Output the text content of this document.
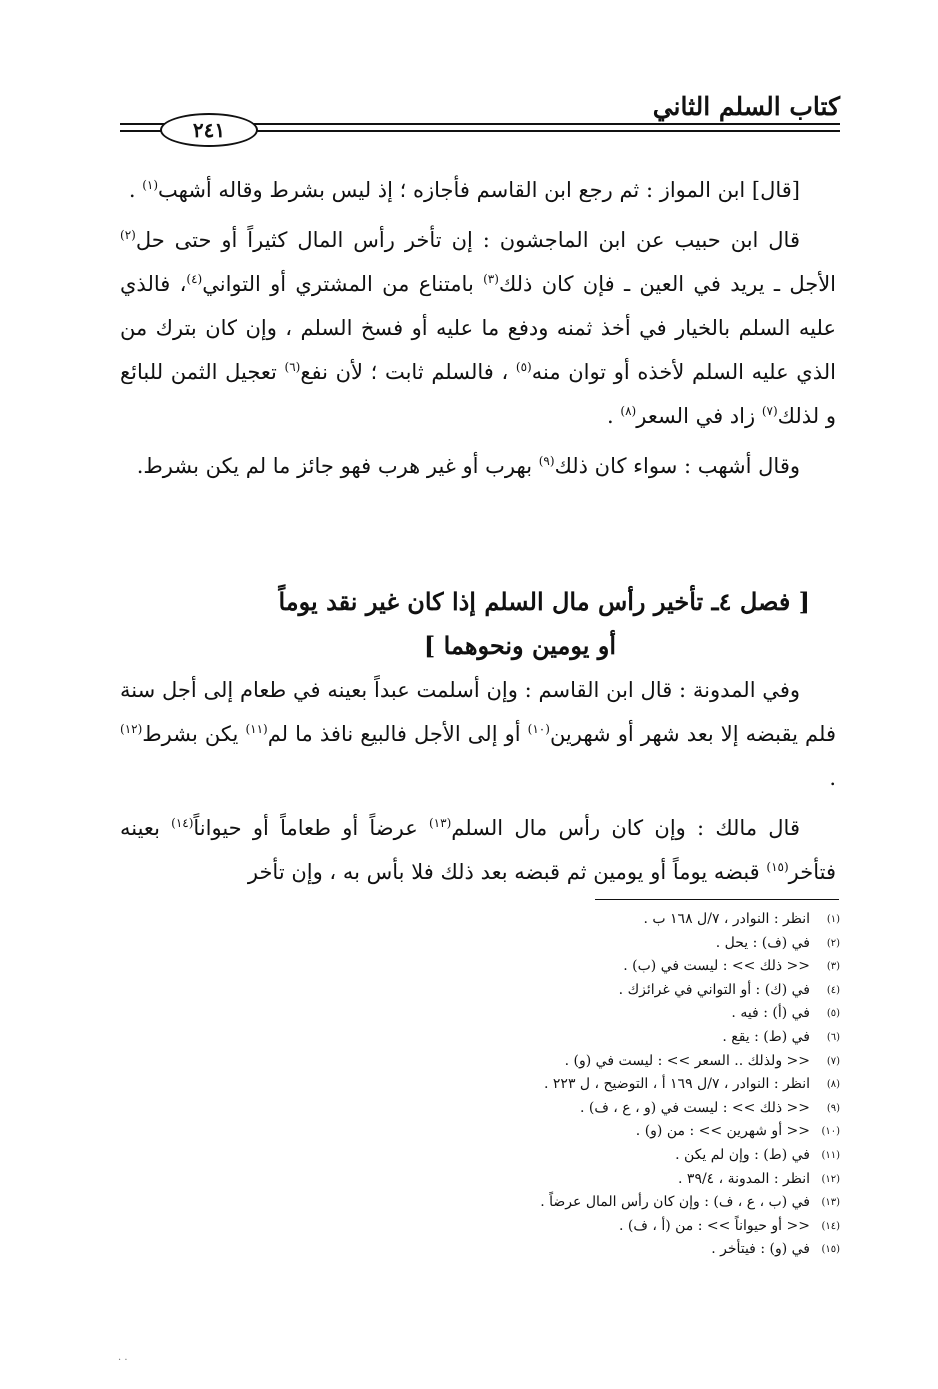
كتاب السلم الثاني
٢٤١

[قال] ابن المواز : ثم رجع ابن القاسم فأجازه ؛ إذ ليس بشرط وقاله أشهب$^{(١)}$ .

قال ابن حبيب عن ابن الماجشون : إن تأخر رأس المال كثيراً أو حتى حل$^{(٢)}$ الأجل ـ يريد في العين ـ فإن كان ذلك$^{(٣)}$ بامتناع من المشتري أو التواني$^{(٤)}$، فالذي عليه السلم بالخيار في أخذ ثمنه ودفع ما عليه أو فسخ السلم ، وإن كان بترك من الذي عليه السلم لأخذه أو توان منه$^{(٥)}$ ، فالسلم ثابت ؛ لأن نفع$^{(٦)}$ تعجيل الثمن للبائع و لذلك$^{(٧)}$ زاد في السعر$^{(٨)}$ .

وقال أشهب : سواء كان ذلك$^{(٩)}$ بهرب أو غير هرب فهو جائز ما لم يكن بشرط.

[ فصل ٤ـ تأخير رأس مال السلم إذا كان غير نقد يوماً
أو يومين ونحوهما ]

وفي المدونة : قال ابن القاسم : وإن أسلمت عبداً بعينه في طعام إلى أجل سنة فلم يقبضه إلا بعد شهر أو شهرين$^{(١٠)}$ أو إلى الأجل فالبيع نافذ ما لم$^{(١١)}$ يكن بشرط$^{(١٢)}$ .

قال مالك : وإن كان رأس مال السلم$^{(١٣)}$ عرضاً أو طعاماً أو حيواناً$^{(١٤)}$ بعينه فتأخر$^{(١٥)}$ قبضه يوماً أو يومين ثم قبضه بعد ذلك فلا بأس به ، وإن تأخر

(١)انظر : النوادر ، ٧/ل ١٦٨ ب .
(٢)في (ف) : يحل .
(٣)<< ذلك >> : ليست في (ب) .
(٤)في (ك) : أو التواني في غرائزك .
(٥)في (أ) : فيه .
(٦)في (ط) : يقع .
(٧)<< ولذلك .. السعر >> : ليست في (و) .
(٨)انظر : النوادر ، ٧/ل ١٦٩ أ ، التوضيح ، ل ٢٢٣ .
(٩)<< ذلك >> : ليست في (و ، ع ، ف) .
(١٠)<< أو شهرين >> : من (و) .
(١١)في (ط) : وإن لم يكن .
(١٢)انظر : المدونة ، ٣٩/٤ .
(١٣)في (ب ، ع ، ف) : وإن كان رأس المال عرضاً .
(١٤)<< أو حيواناً >> : من (أ ، ف) .
(١٥)في (و) : فيتأخر .
· ·
